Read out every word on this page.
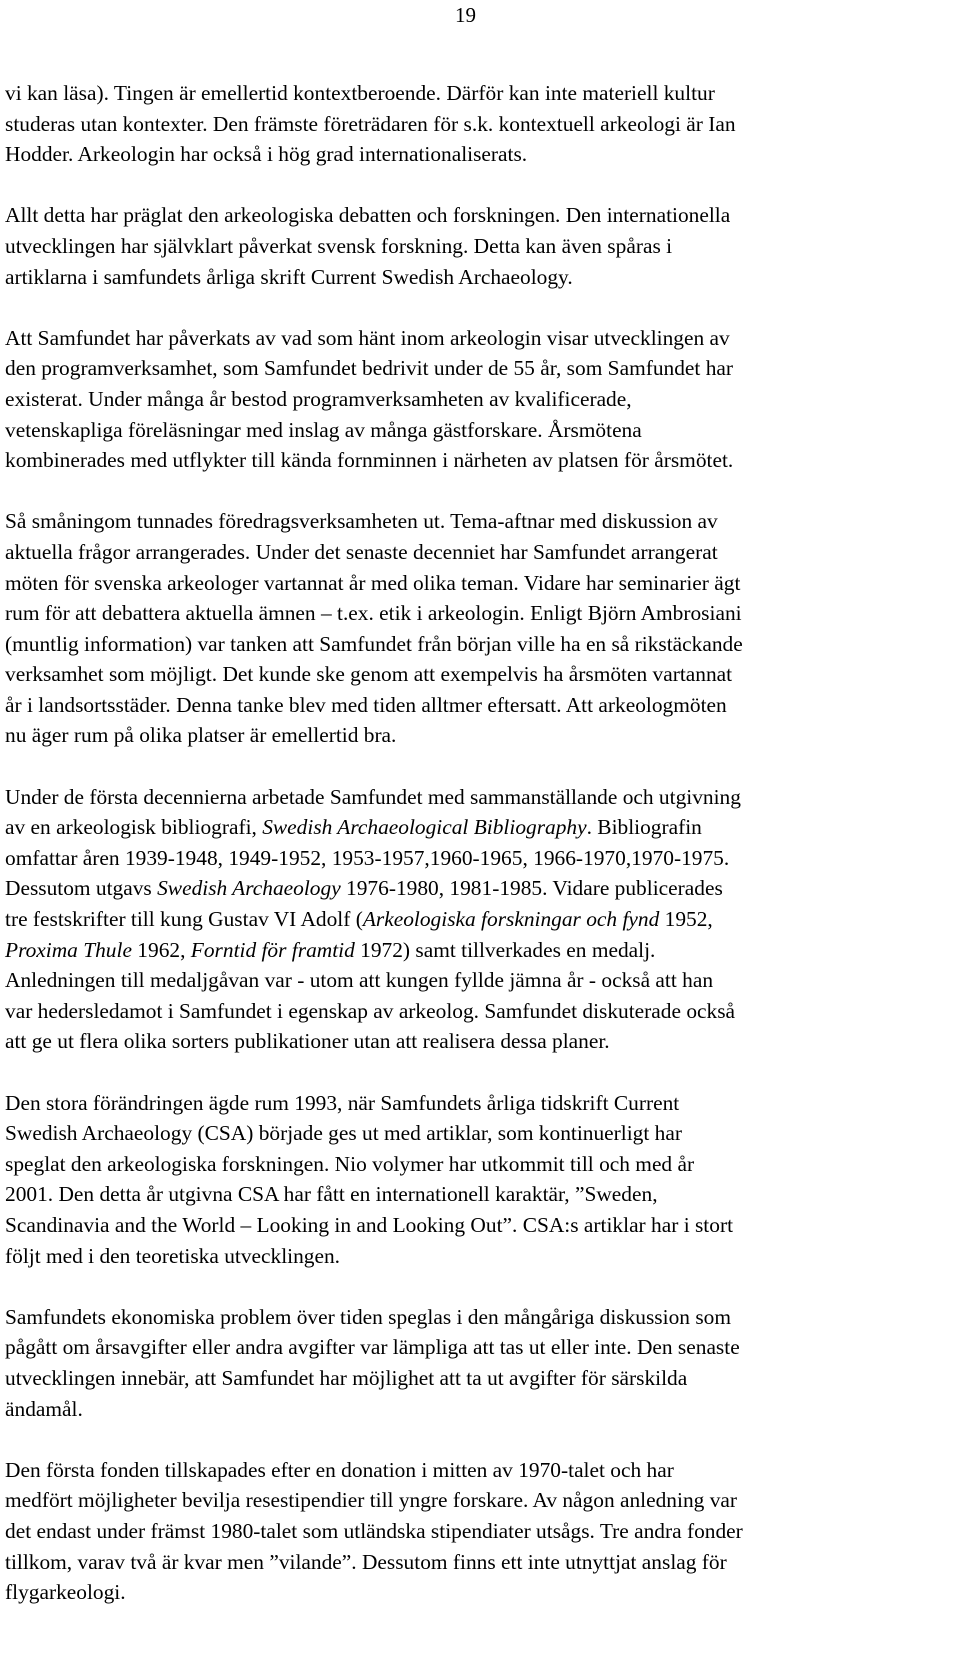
19

vi kan läsa). Tingen är emellertid kontextberoende. Därför kan inte materiell kultur
studeras utan kontexter. Den främste företrädaren för s.k. kontextuell arkeologi är Ian
Hodder. Arkeologin har också i hög grad internationaliserats.

Allt detta har präglat den arkeologiska debatten och forskningen. Den internationella
utvecklingen har självklart påverkat svensk forskning. Detta kan även spåras i
artiklarna i samfundets årliga skrift Current Swedish Archaeology.

Att Samfundet har påverkats av vad som hänt inom arkeologin visar utvecklingen av
den programverksamhet, som Samfundet bedrivit under de 55 år, som Samfundet har
existerat. Under många år bestod programverksamheten av kvalificerade,
vetenskapliga föreläsningar med inslag av många gästforskare. Årsmötena
kombinerades med utflykter till kända fornminnen i närheten av platsen för årsmötet.

Så småningom tunnades föredragsverksamheten ut. Tema-aftnar med diskussion av
aktuella frågor arrangerades. Under det senaste decenniet har Samfundet arrangerat
möten för svenska arkeologer vartannat år med olika teman. Vidare har seminarier ägt
rum för att debattera aktuella ämnen – t.ex. etik i arkeologin. Enligt Björn Ambrosiani
(muntlig information) var tanken att Samfundet från början ville ha en så rikstäckande
verksamhet som möjligt. Det kunde ske genom att exempelvis ha årsmöten vartannat
år i landsortsstäder. Denna tanke blev med tiden alltmer eftersatt. Att arkeologmöten
nu äger rum på olika platser är emellertid bra.

Under de första decennierna arbetade Samfundet med sammanställande och utgivning
av en arkeologisk bibliografi, Swedish Archaeological Bibliography. Bibliografin
omfattar åren 1939-1948, 1949-1952, 1953-1957,1960-1965, 1966-1970,1970-1975.
Dessutom utgavs Swedish Archaeology 1976-1980, 1981-1985. Vidare publicerades
tre festskrifter till kung Gustav VI Adolf (Arkeologiska forskningar och fynd 1952,
Proxima Thule 1962, Forntid för framtid 1972) samt tillverkades en medalj.
Anledningen till medaljgåvan var - utom att kungen fyllde jämna år - också att han
var hedersledamot i Samfundet i egenskap av arkeolog. Samfundet diskuterade också
att ge ut flera olika sorters publikationer utan att realisera dessa planer.

Den stora förändringen ägde rum 1993, när Samfundets årliga tidskrift Current
Swedish Archaeology (CSA) började ges ut med artiklar, som kontinuerligt har
speglat den arkeologiska forskningen. Nio volymer har utkommit till och med år
2001. Den detta år utgivna CSA har fått en internationell karaktär, ”Sweden,
Scandinavia and the World – Looking in and Looking Out”. CSA:s artiklar har i stort
följt med i den teoretiska utvecklingen.

Samfundets ekonomiska problem över tiden speglas i den mångåriga diskussion som
pågått om årsavgifter eller andra avgifter var lämpliga att tas ut eller inte. Den senaste
utvecklingen innebär, att Samfundet har möjlighet att ta ut avgifter för särskilda
ändamål.

Den första fonden tillskapades efter en donation i mitten av 1970-talet och har
medfört möjligheter bevilja resestipendier till yngre forskare. Av någon anledning var
det endast under främst 1980-talet som utländska stipendiater utsågs. Tre andra fonder
tillkom, varav två är kvar men ”vilande”. Dessutom finns ett inte utnyttjat anslag för
flygarkeologi.
